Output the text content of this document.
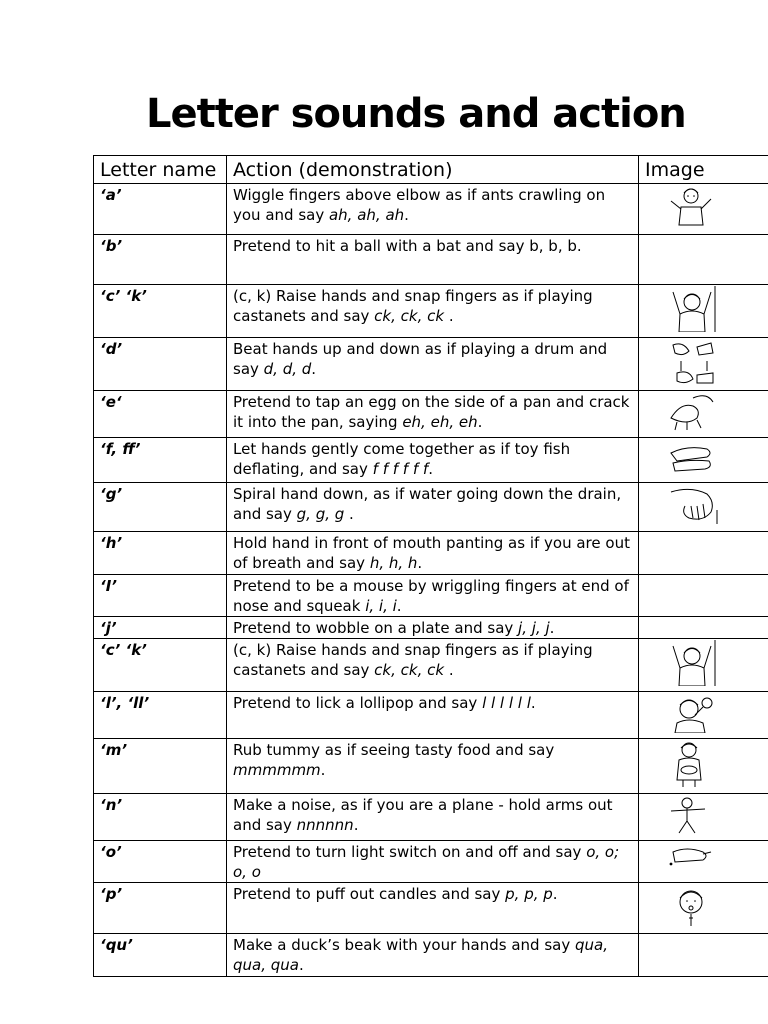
Letter sounds and action
Letter name	Action (demonstration)	Image
‘a’	Wiggle fingers above elbow as if ants crawling on you and say ah, ah, ah.	

‘b’	Pretend to hit a ball with a bat and say b, b, b.	
‘c’ ‘k’	(c, k) Raise hands and snap fingers as if playing castanets and say ck, ck, ck .	

‘d’	Beat hands up and down as if playing a drum and say d, d, d.	

‘e‘	Pretend to tap an egg on the side of a pan and crack it into the pan, saying eh, eh, eh.	

‘f, ff’	Let hands gently come together as if toy fish deflating, and say f f f f f f.	

‘g’	Spiral hand down, as if water going down the drain, and say g, g, g .	

‘h’	Hold hand in front of mouth panting as if you are out of breath and say h, h, h.	
‘I’	Pretend to be a mouse by wriggling fingers at end of nose and squeak i, i, i.	
‘j’	Pretend to wobble on a plate and say j, j, j.	
‘c’ ‘k’	(c, k) Raise hands and snap fingers as if playing castanets and say ck, ck, ck .	

‘l’, ‘ll’	Pretend to lick a lollipop and say l l l l l l.	

‘m’	Rub tummy as if seeing tasty food and say mmmmmm.	

‘n’	Make a noise, as if you are a plane - hold arms out and say nnnnnn.	

‘o’	Pretend to turn light switch on and off and say o, o; o, o	

‘p’	Pretend to puff out candles and say p, p, p.	

‘qu’	Make a duck’s beak with your hands and say qua, qua, qua.	
